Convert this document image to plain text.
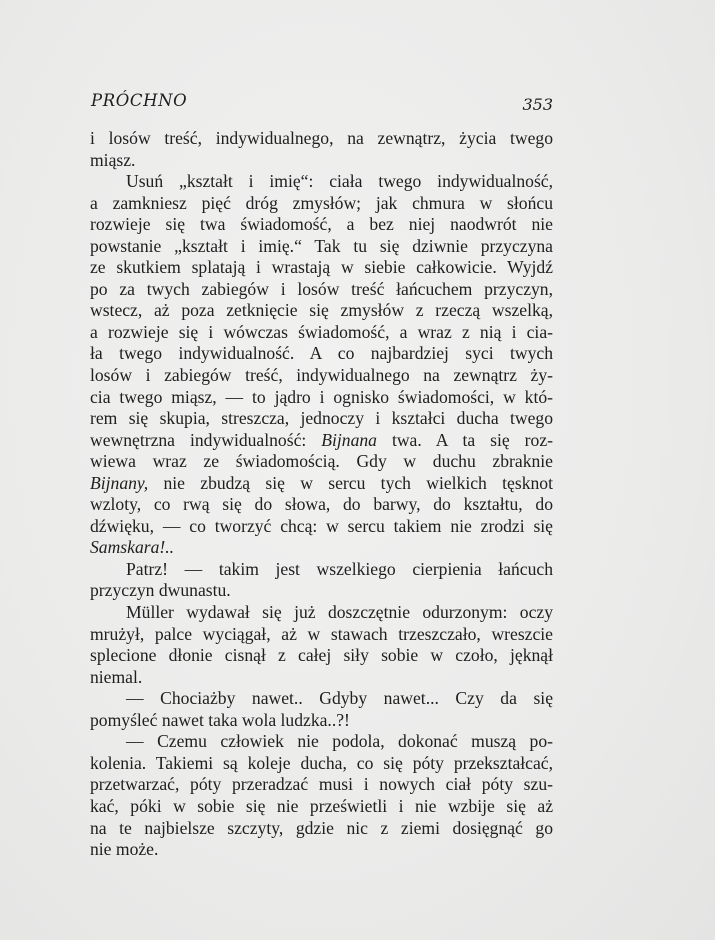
PRÓCHNO	353
i losów treść, indywidualnego, na zewnątrz, życia twego
miąsz.
Usuń „kształt i imię“: ciała twego indywidualność,
a zamkniesz pięć dróg zmysłów; jak chmura w słońcu
rozwieje się twa świadomość, a bez niej naodwrót nie
powstanie „kształt i imię.“ Tak tu się dziwnie przyczyna
ze skutkiem splatają i wrastają w siebie całkowicie. Wyjdź
po za twych zabiegów i losów treść łańcuchem przyczyn,
wstecz, aż poza zetknięcie się zmysłów z rzeczą wszelką,
a rozwieje się i wówczas świadomość, a wraz z nią i cia-
ła twego indywidualność. A co najbardziej syci twych
losów i zabiegów treść, indywidualnego na zewnątrz ży-
cia twego miąsz, — to jądro i ognisko świadomości, w któ-
rem się skupia, streszcza, jednoczy i kształci ducha twego
wewnętrzna indywidualność: Bijnana twa. A ta się roz-
wiewa wraz ze świadomością. Gdy w duchu zbraknie
Bijnany, nie zbudzą się w sercu tych wielkich tęsknot
wzloty, co rwą się do słowa, do barwy, do kształtu, do
dźwięku, — co tworzyć chcą: w sercu takiem nie zrodzi się
Samskara!..
Patrz! — takim jest wszelkiego cierpienia łańcuch
przyczyn dwunastu.
Müller wydawał się już doszczętnie odurzonym: oczy
mrużył, palce wyciągał, aż w stawach trzeszczało, wreszcie
splecione dłonie cisnął z całej siły sobie w czoło, jęknął
niemal.
— Chociażby nawet.. Gdyby nawet... Czy da się
pomyśleć nawet taka wola ludzka..?!
— Czemu człowiek nie podola, dokonać muszą po-
kolenia. Takiemi są koleje ducha, co się póty przekształcać,
przetwarzać, póty przeradzać musi i nowych ciał póty szu-
kać, póki w sobie się nie prześwietli i nie wzbije się aż
na te najbielsze szczyty, gdzie nic z ziemi dosięgnąć go
nie może.
